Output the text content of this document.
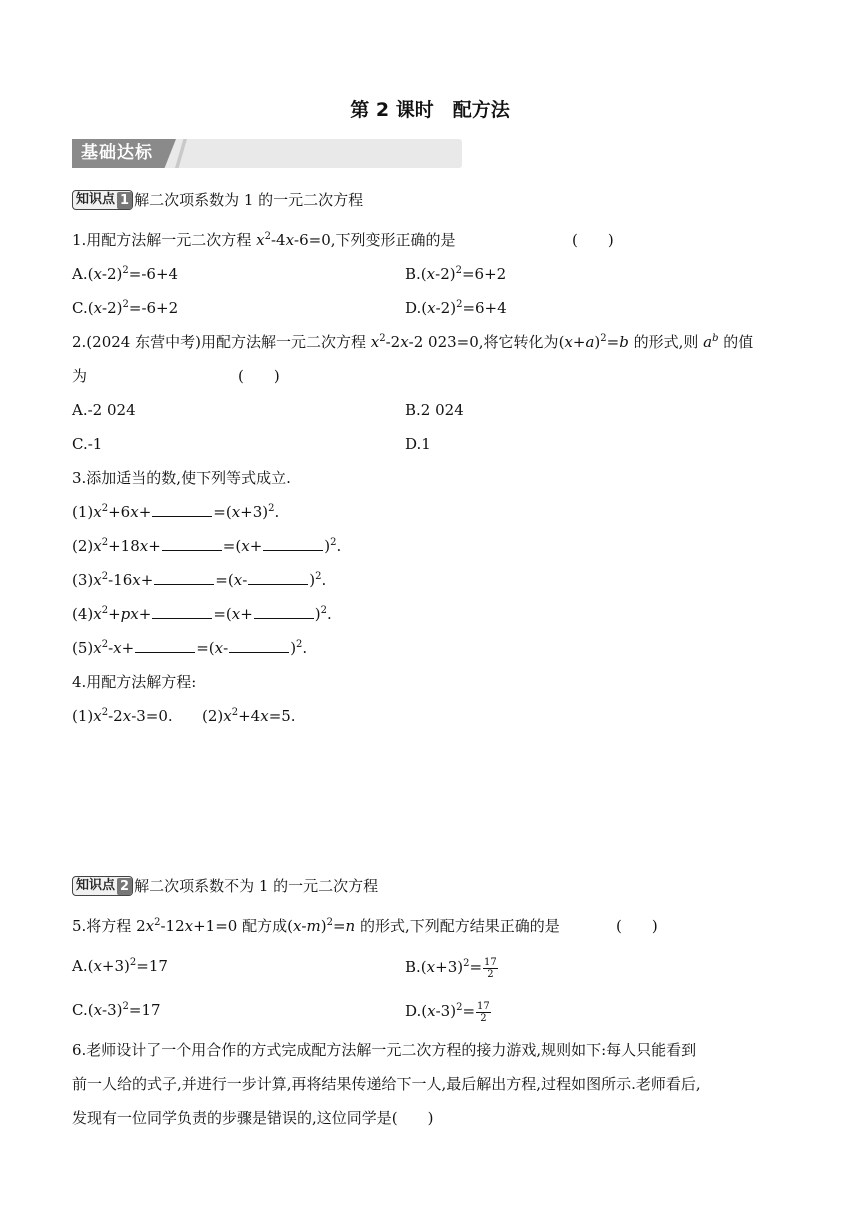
第 2 课时　配方法
基础达标
知识点 1 解二次项系数为 1 的一元二次方程
1.用配方法解一元二次方程 $x^2-4x-6=0$,下列变形正确的是	(　　)
$A.(x-2)^2=-6+4$	$B.(x-2)^2=6+2$
$C.(x-2)^2=-6+2$	$D.(x-2)^2=6+4$
2.(2024 东营中考)用配方法解一元二次方程 $x^2-2x-2$ 023=0,将它转化为$(x+a)^2=b$ 的形式,则 $a^b$ 的值
为	(　　)
A.-2 024	B.2 024
C.-1	D.1
3.添加适当的数,使下列等式成立.
$(1)x^2+6x+$	$=(x+3)^2$.
$(2)x^2+18x+$	=(x+	)$^2$.
$(3)x^2-16x+$	=(x-	)$^2$.
$(4)x^2+px+$	=(x+	)$^2$.
$(5)x^2-x+$	=(x-	)$^2$.
4.用配方法解方程:
$(1)x^2-2x-3=0$. $(2)x^2+4x=5$.
知识点 2 解二次项系数不为 1 的一元二次方程
5.将方程 $2x^2-12x+1=0$ 配方成$(x-m)^2=n$ 的形式,下列配方结果正确的是	(　　)
$A.(x+3)^2=17$	$B.(x+3)^2= \frac{17}{2}$
$C.(x-3)^2=17$	$D.(x-3)^2= \frac{17}{2}$
6.老师设计了一个用合作的方式完成配方法解一元二次方程的接力游戏,规则如下:每人只能看到
前一人给的式子,并进行一步计算,再将结果传递给下一人,最后解出方程,过程如图所示.老师看后,
发现有一位同学负责的步骤是错误的,这位同学是(　　)
